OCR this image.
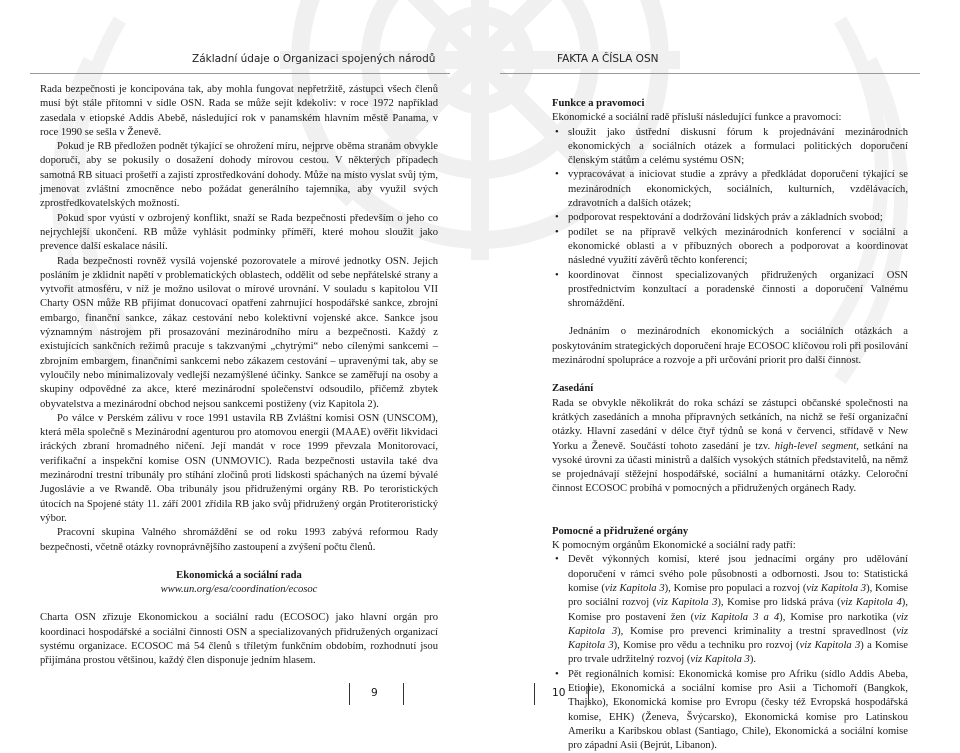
Základní údaje o Organizaci spojených národů

Rada bezpečnosti je koncipována tak, aby mohla fungovat nepřetržitě, zástupci všech členů musí být stále přítomni v sídle OSN. Rada se může sejít kdekoliv: v roce 1972 například zasedala v etiopské Addis Abebě, následující rok v panamském hlavním městě Panama, v roce 1990 se sešla v Ženevě.

Pokud je RB předložen podnět týkající se ohrožení míru, nejprve oběma stranám obvykle doporučí, aby se pokusily o dosažení dohody mírovou cestou. V některých případech samotná RB situaci prošetří a zajistí zprostředkování dohody. Může na místo vyslat svůj tým, jmenovat zvláštní zmocněnce nebo požádat generálního tajemníka, aby využil svých zprostředkovatelských možností.

Pokud spor vyústí v ozbrojený konflikt, snaží se Rada bezpečnosti především o jeho co nejrychlejší ukončení. RB může vyhlásit podmínky příměří, které mohou sloužit jako prevence další eskalace násilí.

Rada bezpečnosti rovněž vysílá vojenské pozorovatele a mírové jednotky OSN. Jejich posláním je zklidnit napětí v problematických oblastech, oddělit od sebe nepřátelské strany a vytvořit atmosféru, v níž je možno usilovat o mírové urovnání. V souladu s kapitolou VII Charty OSN může RB přijímat donucovací opatření zahrnující hospodářské sankce, zbrojní embargo, finanční sankce, zákaz cestování nebo kolektivní vojenské akce. Sankce jsou významným nástrojem při prosazování mezinárodního míru a bezpečnosti. Každý z existujících sankčních režimů pracuje s takzvanými „chytrými“ nebo cílenými sankcemi – zbrojním embargem, finančními sankcemi nebo zákazem cestování – upravenými tak, aby se vyloučily nebo minimalizovaly vedlejší nezamýšlené účinky. Sankce se zaměřují na osoby a skupiny odpovědné za akce, které mezinárodní společenství odsoudilo, přičemž zbytek obyvatelstva a mezinárodní obchod nejsou sankcemi postiženy (viz Kapitola 2).

Po válce v Perském zálivu v roce 1991 ustavila RB Zvláštní komisi OSN (UNSCOM), která měla společně s Mezinárodní agenturou pro atomovou energii (MAAE) ověřit likvidaci iráckých zbraní hromadného ničení. Její mandát v roce 1999 převzala Monitorovací, verifikační a inspekční komise OSN (UNMOVIC). Rada bezpečnosti ustavila také dva mezinárodní trestní tribunály pro stíhání zločinů proti lidskosti spáchaných na území bývalé Jugoslávie a ve Rwandě. Oba tribunály jsou přidruženými orgány RB. Po teroristických útocích na Spojené státy 11. září 2001 zřídila RB jako svůj přidružený orgán Protiteroristický výbor.

Pracovní skupina Valného shromáždění se od roku 1993 zabývá reformou Rady bezpečnosti, včetně otázky rovnoprávnějšího zastoupení a zvýšení počtu členů.

Ekonomická a sociální rada

www.un.org/esa/coordination/ecosoc

Charta OSN zřizuje Ekonomickou a sociální radu (ECOSOC) jako hlavní orgán pro koordinaci hospodářské a sociální činnosti OSN a specializovaných přidružených organizací systému organizace. ECOSOC má 54 členů s tříletým funkčním obdobím, rozhodnutí jsou přijímána prostou většinou, každý člen disponuje jedním hlasem.

9
FAKTA A ČÍSLA OSN

Funkce a pravomoci

Ekonomické a sociální radě přísluší následující funkce a pravomoci:

• sloužit jako ústřední diskusní fórum k projednávání mezinárodních ekonomických a sociálních otázek a formulaci politických doporučení členským státům a celému systému OSN;
• vypracovávat a iniciovat studie a zprávy a předkládat doporučení týkající se mezinárodních ekonomických, sociálních, kulturních, vzdělávacích, zdravotních a dalších otázek;
• podporovat respektování a dodržování lidských práv a základních svobod;
• podílet se na přípravě velkých mezinárodních konferencí v sociální a ekonomické oblasti a v příbuzných oborech a podporovat a koordinovat následné využití závěrů těchto konferencí;
• koordinovat činnost specializovaných přidružených organizací OSN prostřednictvím konzultací a poradenské činnosti a doporučení Valnému shromáždění.

Jednáním o mezinárodních ekonomických a sociálních otázkách a poskytováním strategických doporučení hraje ECOSOC klíčovou roli při posilování mezinárodní spolupráce a rozvoje a při určování priorit pro další činnost.

Zasedání

Rada se obvykle několikrát do roka schází se zástupci občanské společnosti na krátkých zasedáních a mnoha přípravných setkáních, na nichž se řeší organizační otázky. Hlavní zasedání v délce čtyř týdnů se koná v červenci, střídavě v New Yorku a Ženevě. Součástí tohoto zasedání je tzv. high-level segment, setkání na vysoké úrovni za účasti ministrů a dalších vysokých státních představitelů, na němž se projednávají stěžejní hospodářské, sociální a humanitární otázky. Celoroční činnost ECOSOC probíhá v pomocných a přidružených orgánech Rady.

Pomocné a přidružené orgány

K pomocným orgánům Ekonomické a sociální rady patří:

• Devět výkonných komisí, které jsou jednacími orgány pro udělování doporučení v rámci svého pole působnosti a odbornosti. Jsou to: Statistická komise (viz Kapitola 3), Komise pro populaci a rozvoj (viz Kapitola 3), Komise pro sociální rozvoj (viz Kapitola 3), Komise pro lidská práva (viz Kapitola 4), Komise pro postavení žen (viz Kapitola 3 a 4), Komise pro narkotika (viz Kapitola 3), Komise pro prevenci kriminality a trestní spravedlnost (viz Kapitola 3), Komise pro vědu a techniku pro rozvoj (viz Kapitola 3) a Komise pro trvale udržitelný rozvoj (viz Kapitola 3).
• Pět regionálních komisí: Ekonomická komise pro Afriku (sídlo Addis Abeba, Etiopie), Ekonomická a sociální komise pro Asii a Tichomoří (Bangkok, Thajsko), Ekonomická komise pro Evropu (česky též Evropská hospodářská komise, EHK) (Ženeva, Švýcarsko), Ekonomická komise pro Latinskou Ameriku a Karibskou oblast (Santiago, Chile), Ekonomická a sociální komise pro západní Asii (Bejrút, Libanon).
10
